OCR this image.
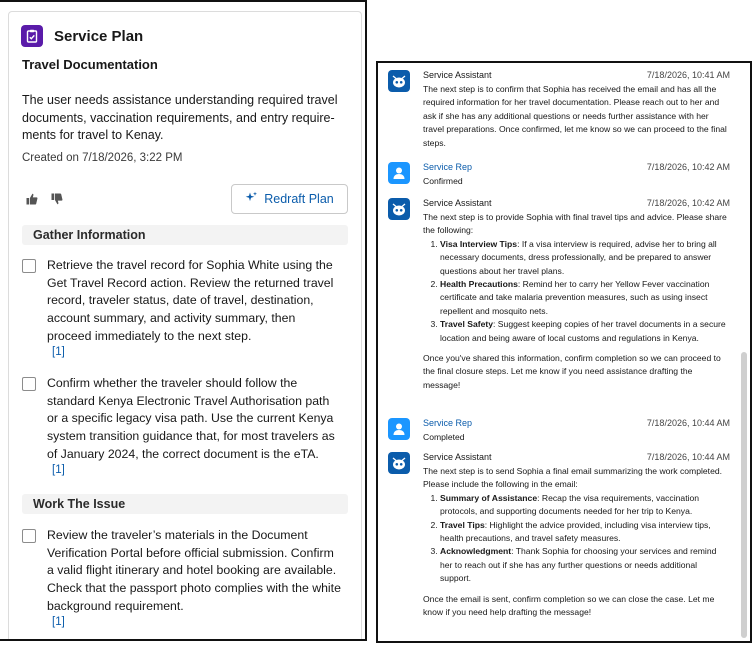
Service Plan
Travel Documentation
The user needs assistance understanding required travel documents, vaccination requirements, and entry require- ments for travel to Kenay.
Created on 7/18/2026, 3:22 PM
Redraft Plan
Gather Information
Retrieve the travel record for Sophia White using the Get Travel Record action. Review the returned travel record, traveler status, date of travel, destination, account summary, and activity summary, then proceed immediately to the next step.
[1]
Confirm whether the traveler should follow the standard Kenya Electronic Travel Authorisation path or a specific legacy visa path. Use the current Kenya system transition guidance that, for most travelers as of January 2024, the correct document is the eTA.
[1]
Work The Issue
Review the traveler’s materials in the Document Verification Portal before official submission. Confirm a valid flight itinerary and hotel booking are available. Check that the passport photo complies with the white background requirement.
[1]
Service Assistant	7/18/2026, 10:41 AM

The next step is to confirm that Sophia has received the email and has all the required information for her travel documentation. Please reach out to her and ask if she has any additional questions or needs further assistance with her travel preparations. Once confirmed, let me know so we can proceed to the final steps.

Service Rep	7/18/2026, 10:42 AM

Confirmed

Service Assistant	7/18/2026, 10:42 AM

The next step is to provide Sophia with final travel tips and advice. Please share the following:

1. Visa Interview Tips: If a visa interview is required, advise her to bring all necessary documents, dress professionally, and be prepared to answer questions about her travel plans.
2. Health Precautions: Remind her to carry her Yellow Fever vaccination certificate and take malaria prevention measures, such as using insect repellent and mosquito nets.
3. Travel Safety: Suggest keeping copies of her travel documents in a secure location and being aware of local customs and regulations in Kenya.

Once you've shared this information, confirm completion so we can proceed to the final closure steps. Let me know if you need assistance drafting the message!

Service Rep	7/18/2026, 10:44 AM

Completed

Service Assistant	7/18/2026, 10:44 AM

The next step is to send Sophia a final email summarizing the work completed. Please include the following in the email:

1. Summary of Assistance: Recap the visa requirements, vaccination protocols, and supporting documents needed for her trip to Kenya.
2. Travel Tips: Highlight the advice provided, including visa interview tips, health precautions, and travel safety measures.
3. Acknowledgment: Thank Sophia for choosing your services and remind her to reach out if she has any further questions or needs additional support.

Once the email is sent, confirm completion so we can close the case. Let me know if you need help drafting the message!
